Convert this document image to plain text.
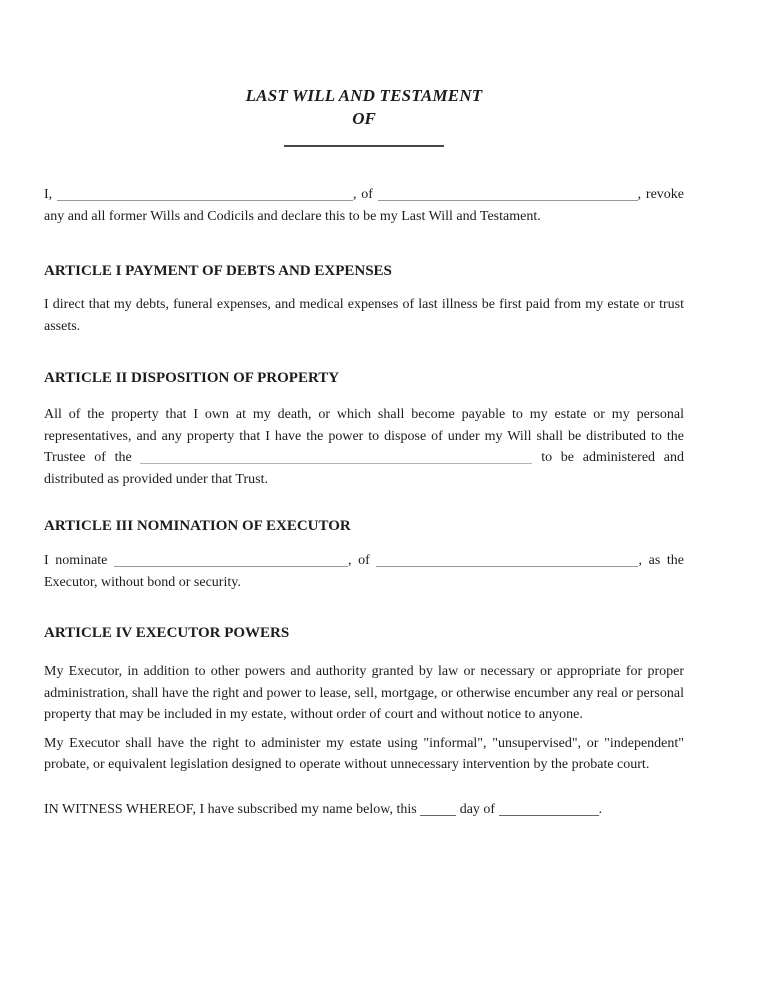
LAST WILL AND TESTAMENT
OF

I,	, of	, revoke any and all former Wills and Codicils and declare this to be my Last Will and Testament.

ARTICLE I PAYMENT OF DEBTS AND EXPENSES

I direct that my debts, funeral expenses, and medical expenses of last illness be first paid from my estate or trust assets.

ARTICLE II DISPOSITION OF PROPERTY

All of the property that I own at my death, or which shall become payable to my estate or my personal representatives, and any property that I have the power to dispose of under my Will shall be distributed to the Trustee of the	to be administered and distributed as provided under that Trust.

ARTICLE III NOMINATION OF EXECUTOR

I nominate	, of	, as the Executor, without bond or security.

ARTICLE IV EXECUTOR POWERS

My Executor, in addition to other powers and authority granted by law or necessary or appropriate for proper administration, shall have the right and power to lease, sell, mortgage, or otherwise encumber any real or personal property that may be included in my estate, without order of court and without notice to anyone.

My Executor shall have the right to administer my estate using "informal", "unsupervised", or "independent" probate, or equivalent legislation designed to operate without unnecessary intervention by the probate court.

IN WITNESS WHEREOF, I have subscribed my name below, this	day of	.
